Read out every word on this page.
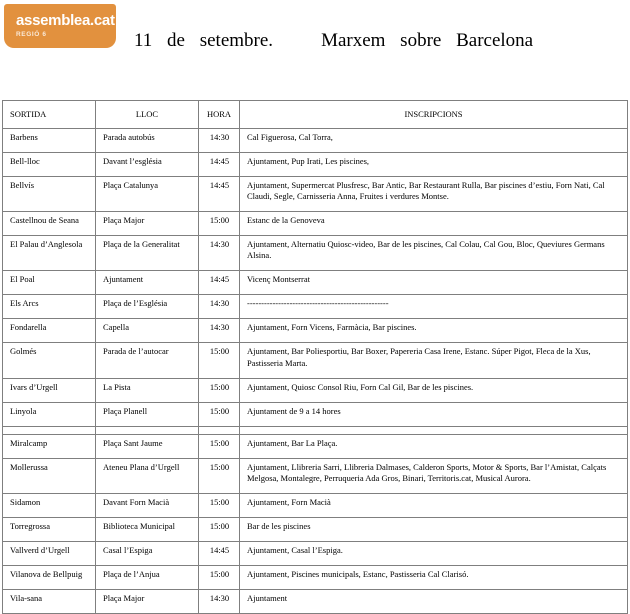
assemblea.cat
REGIÓ 6	11 de setembre.	Marxem sobre Barcelona
SORTIDA	LLOC	HORA	INSCRIPCIONS
Barbens	Parada autobús	14:30	Cal Figuerosa, Cal Torra,
Bell-lloc	Davant l’església	14:45	Ajuntament, Pup Irati, Les piscines,
Bellvís	Plaça Catalunya	14:45	Ajuntament, Supermercat Plusfresc, Bar Antic, Bar Restaurant Rulla, Bar piscines d’estiu, Forn Nati, Cal Claudi, Segle, Carnisseria Anna, Fruites i verdures Montse.
Castellnou de Seana	Plaça Major	15:00	Estanc de la Genoveva
El Palau d’Anglesola	Plaça de la Generalitat	14:30	Ajuntament, Alternatiu Quiosc-video, Bar de les piscines, Cal Colau, Cal Gou, Bloc, Queviures Germans Alsina.
El Poal	Ajuntament	14:45	Vicenç Montserrat
Els Arcs	Plaça de l’Església	14:30	--------------------------------------------------
Fondarella	Capella	14:30	Ajuntament, Forn Vicens, Farmàcia, Bar piscines.
Golmés	Parada de l’autocar	15:00	Ajuntament, Bar Poliesportiu, Bar Boxer, Papereria Casa Irene, Estanc. Súper Pigot, Fleca de la Xus, Pastisseria Marta.
Ivars d’Urgell	La Pista	15:00	Ajuntament, Quiosc Consol Riu, Forn Cal Gil, Bar de les piscines.
Linyola	Plaça Planell	15:00	Ajuntament de 9 a 14 hores

Miralcamp	Plaça Sant Jaume	15:00	Ajuntament, Bar La Plaça.
Mollerussa	Ateneu Plana d’Urgell	15:00	Ajuntament, Llibreria Sarri, Llibreria Dalmases, Calderon Sports, Motor & Sports, Bar l’Amistat, Calçats Melgosa, Montalegre, Perruqueria Ada Gros, Binari, Territoris.cat, Musical Aurora.
Sidamon	Davant Forn Macià	15:00	Ajuntament, Forn Macià
Torregrossa	Biblioteca Municipal	15:00	Bar de les piscines
Vallverd d’Urgell	Casal l’Espiga	14:45	Ajuntament, Casal l’Espiga.
Vilanova de Bellpuig	Plaça de l’Anjua	15:00	Ajuntament, Piscines municipals, Estanc, Pastisseria Cal Clarisó.
Vila-sana	Plaça Major	14:30	Ajuntament
